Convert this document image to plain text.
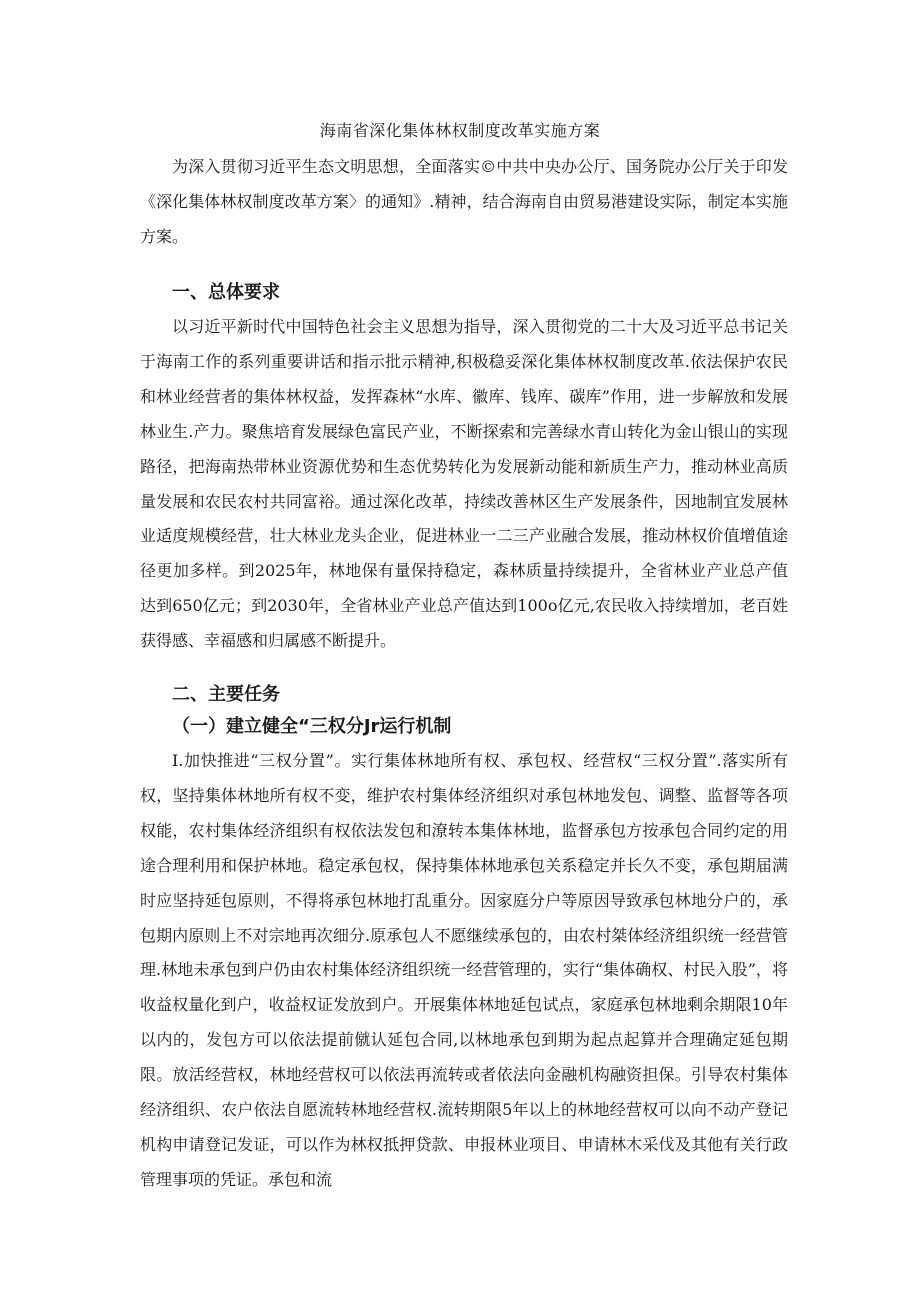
海南省深化集体林权制度改革实施方案

为深入贯彻习近平生态文明思想，全面落实©中共中央办公厅、国务院办公厅关于印发《深化集体林权制度改革方案〉的通知》.精神，结合海南自由贸易港建设实际，制定本实施方案。

一、总体要求

以习近平新时代中国特色社会主义思想为指导，深入贯彻党的二十大及习近平总书记关于海南工作的系列重要讲话和指示批示精神,积极稳妥深化集体林权制度改革.依法保护农民和林业经营者的集体林权益，发挥森林“水库、徽库、钱库、碳库”作用，进一步解放和发展林业生.产力。聚焦培育发展绿色富民产业，不断探索和完善绿水青山转化为金山银山的实现路径，把海南热带林业资源优势和生态优势转化为发展新动能和新质生产力，推动林业高质量发展和农民农村共同富裕。通过深化改革，持续改善林区生产发展条件，因地制宜发展林业适度规模经营，壮大林业龙头企业，促进林业一二三产业融合发展，推动林权价值增值途径更加多样。到2025年，林地保有量保持稳定，森林质量持续提升，全省林业产业总产值达到650亿元；到2030年，全省林业产业总产值达到100o亿元,农民收入持续增加，老百姓获得感、幸福感和归属感不断提升。

二、主要任务
（一）建立健全“三权分Jr运行机制

I.加快推进“三权分置”。实行集体林地所有权、承包权、经营权“三权分置”.落实所有权，坚持集体林地所有权不变，维护农村集体经济组织对承包林地发包、调整、监督等各项权能，农村集体经济组织有权依法发包和潦转本集体林地，监督承包方按承包合同约定的用途合理利用和保护林地。稳定承包权，保持集体林地承包关系稳定并长久不变，承包期届满时应坚持延包原则，不得将承包林地打乱重分。因家庭分户等原因导致承包林地分户的，承包期内原则上不对宗地再次细分.原承包人不愿继续承包的，由农村桀体经济组织统一经营管理.林地未承包到户仍由农村集体经济组织统一经营管理的，实行“集体确权、村民入股”，将收益权量化到户，收益权证发放到户。开展集体林地延包试点，家庭承包林地剩余期限10年以内的，发包方可以依法提前僦认延包合同,以林地承包到期为起点起算并合理确定延包期限。放活经营权，林地经营权可以依法再流转或者依法向金融机构融资担保。引导农村集体经济组织、农户依法自愿流转林地经营权.流转期限5年以上的林地经营权可以向不动产登记机构申请登记发证，可以作为林权抵押贷款、申报林业项目、申请林木采伐及其他有关行政管理事项的凭证。承包和流
